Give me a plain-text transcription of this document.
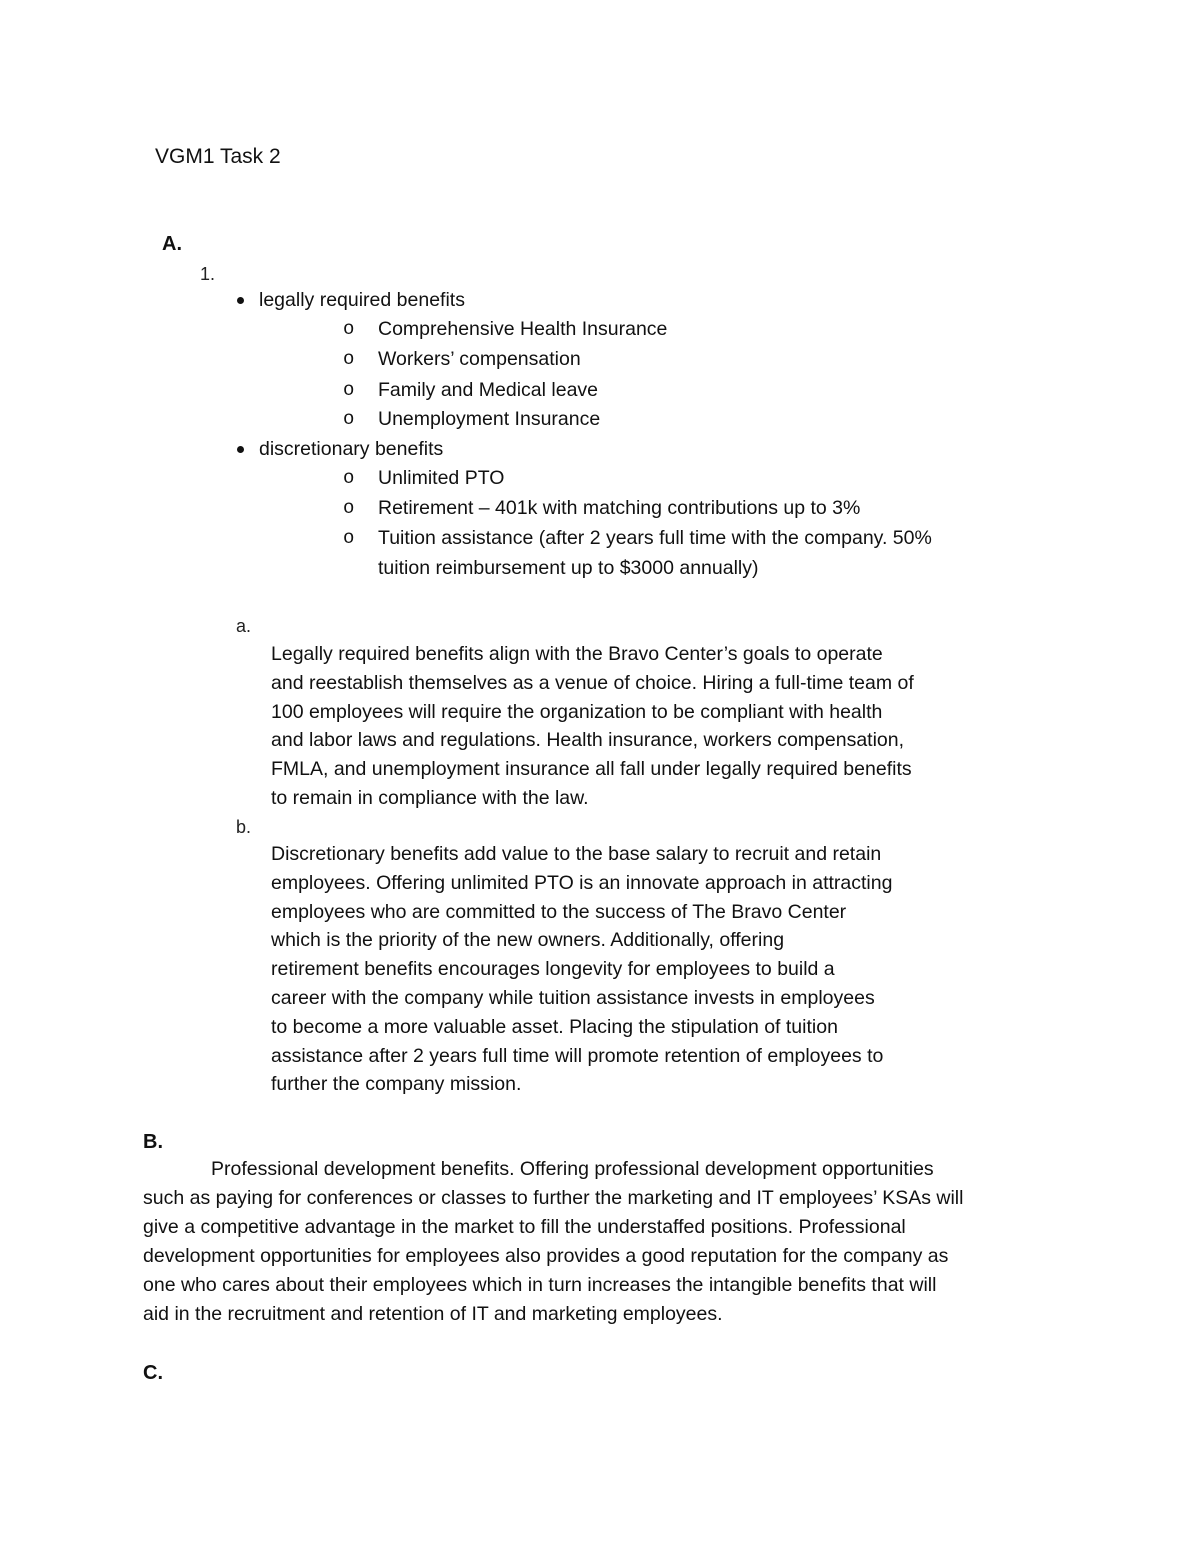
VGM1 Task 2

A.

1.

legally required benefits

o Comprehensive Health Insurance

o Workers’ compensation

o Family and Medical leave

o Unemployment Insurance

discretionary benefits

o Unlimited PTO

o Retirement – 401k with matching contributions up to 3%

o Tuition assistance (after 2 years full time with the company. 50%

tuition reimbursement up to $3000 annually)

a.

Legally required benefits align with the Bravo Center’s goals to operate
and reestablish themselves as a venue of choice. Hiring a full-time team of
100 employees will require the organization to be compliant with health
and labor laws and regulations. Health insurance, workers compensation,
FMLA, and unemployment insurance all fall under legally required benefits
to remain in compliance with the law.

b.

Discretionary benefits add value to the base salary to recruit and retain
employees. Offering unlimited PTO is an innovate approach in attracting
employees who are committed to the success of The Bravo Center
which is the priority of the new owners. Additionally, offering
retirement benefits encourages longevity for employees to build a
career with the company while tuition assistance invests in employees
to become a more valuable asset. Placing the stipulation of tuition
assistance after 2 years full time will promote retention of employees to
further the company mission.

B.

Professional development benefits. Offering professional development opportunities
such as paying for conferences or classes to further the marketing and IT employees’ KSAs will
give a competitive advantage in the market to fill the understaffed positions. Professional
development opportunities for employees also provides a good reputation for the company as
one who cares about their employees which in turn increases the intangible benefits that will
aid in the recruitment and retention of IT and marketing employees.

C.
